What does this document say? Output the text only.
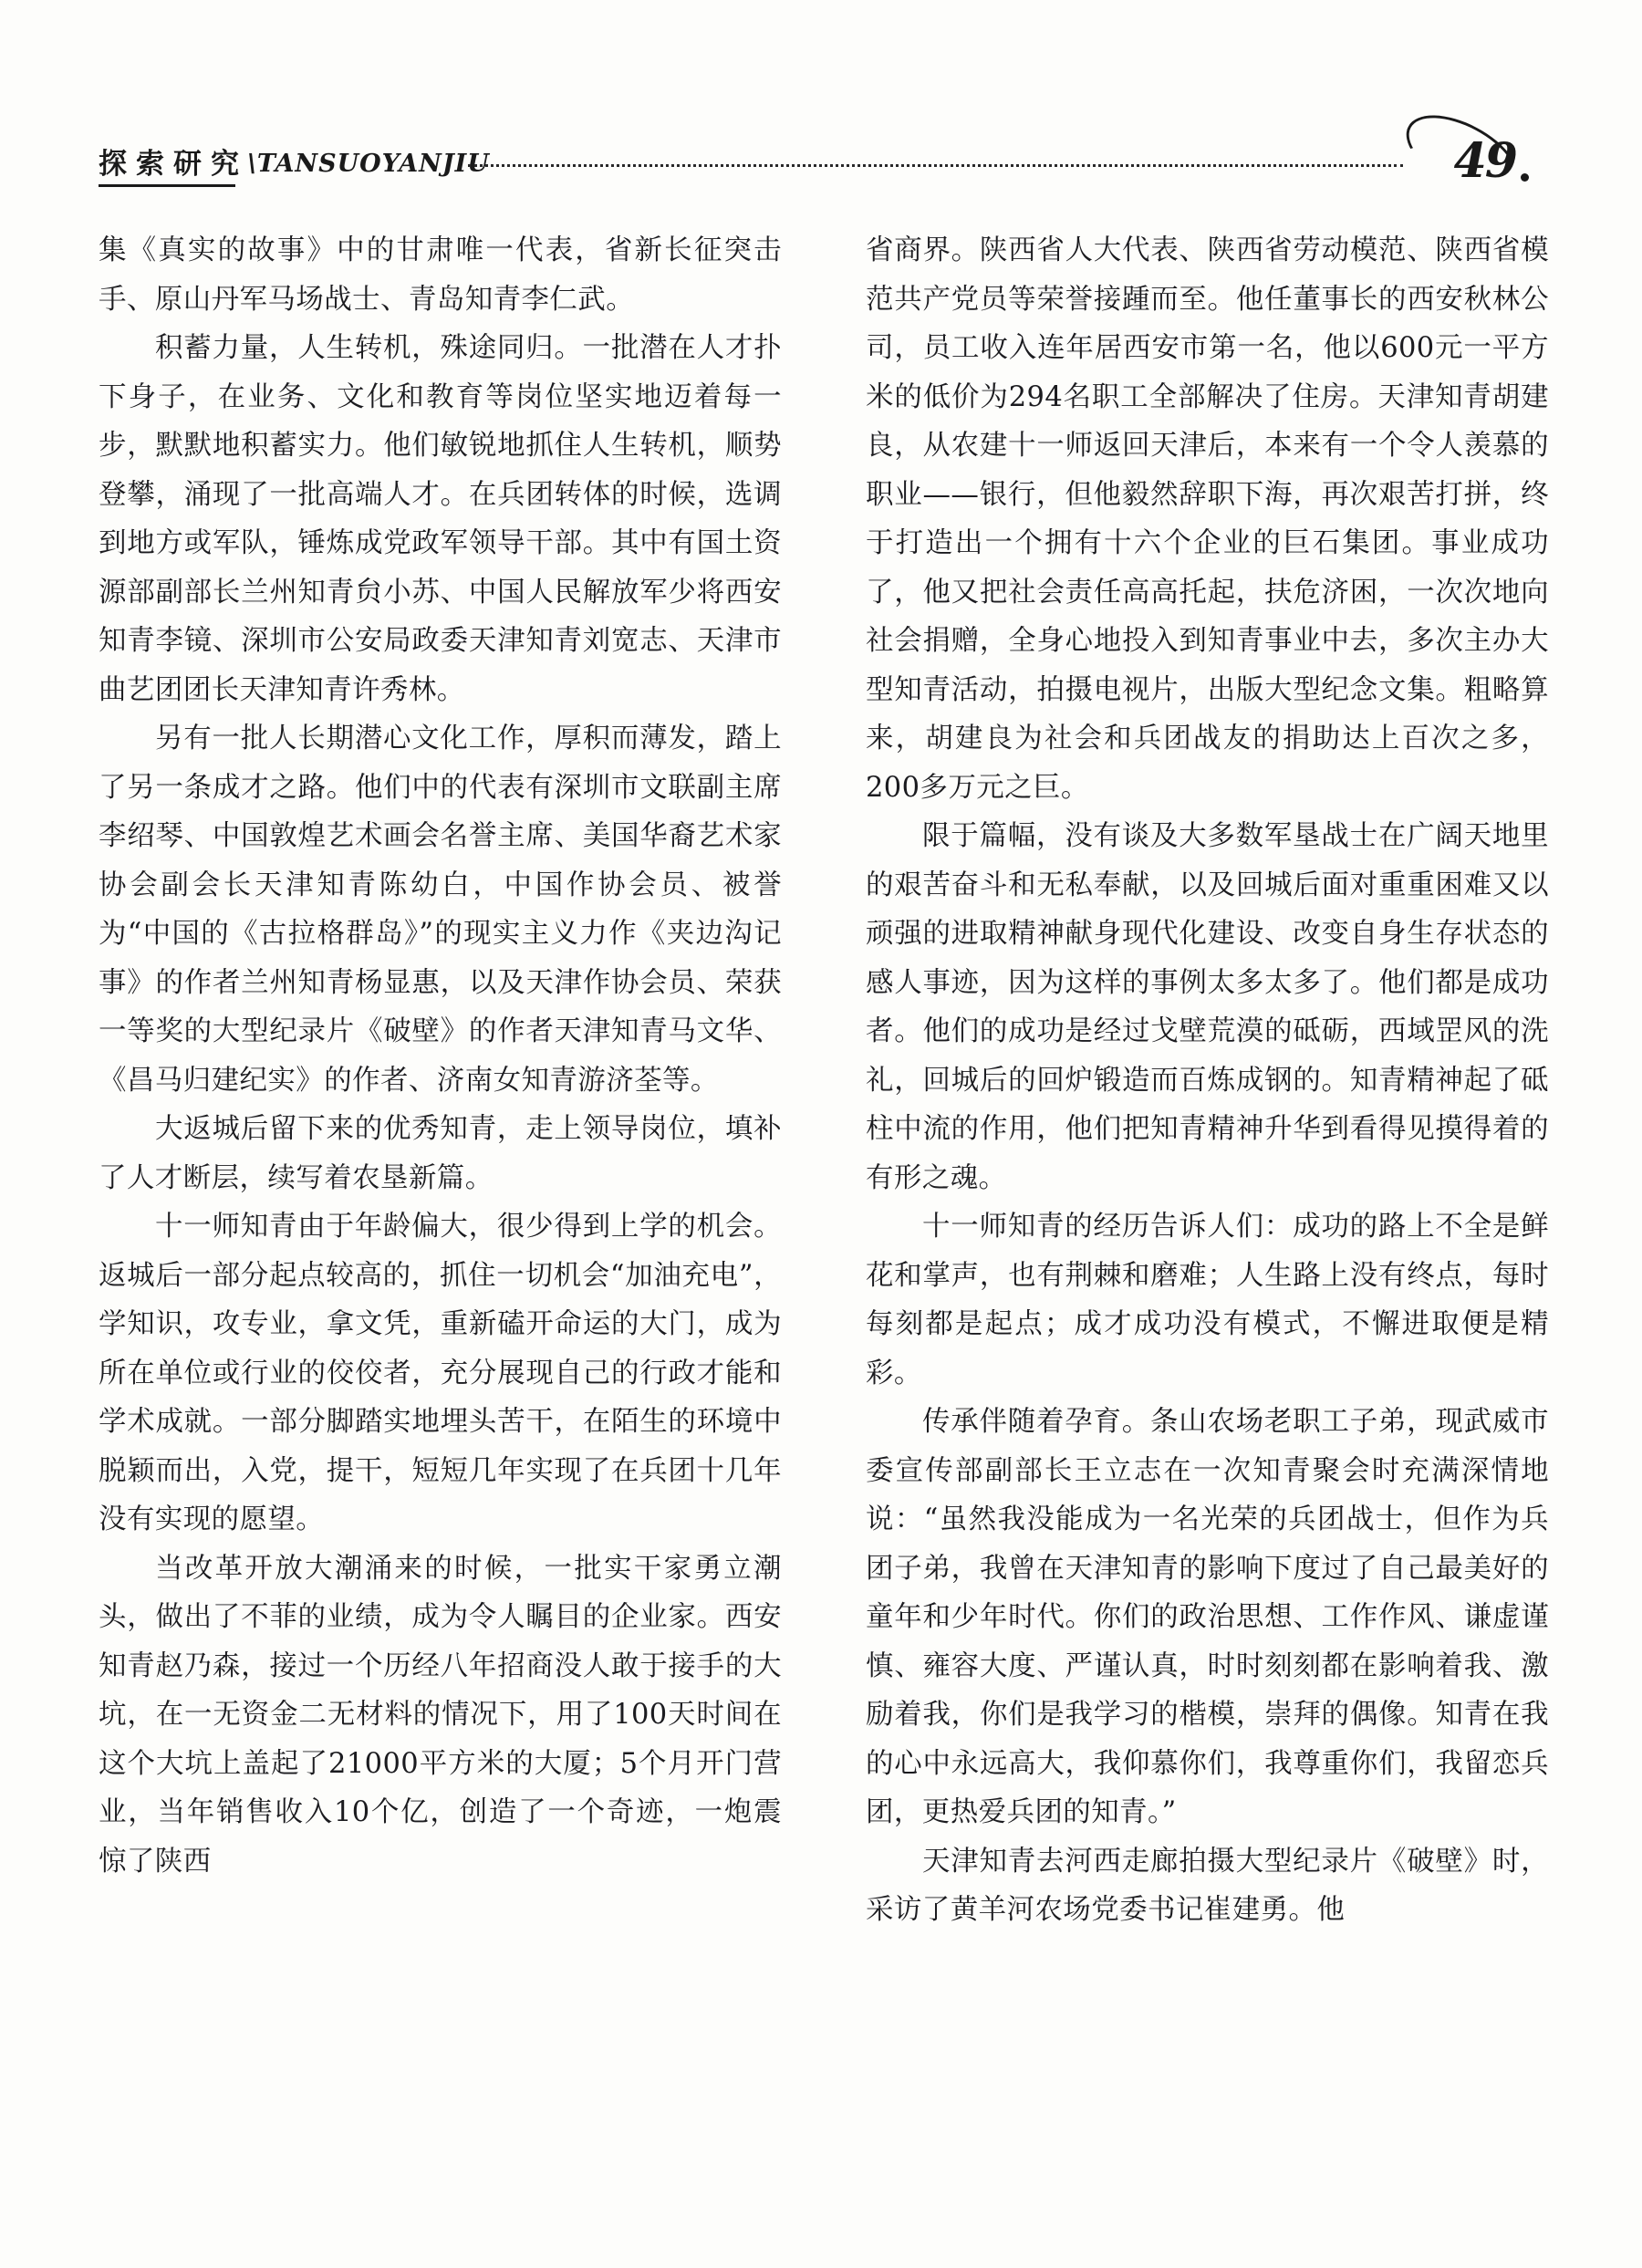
探索研究 \TANSUOYANJIU	49

集《真实的故事》中的甘肃唯一代表，省新长征突击手、原山丹军马场战士、青岛知青李仁武。

积蓄力量，人生转机，殊途同归。一批潜在人才扑下身子，在业务、文化和教育等岗位坚实地迈着每一步，默默地积蓄实力。他们敏锐地抓住人生转机，顺势登攀，涌现了一批高端人才。在兵团转体的时候，选调到地方或军队，锤炼成党政军领导干部。其中有国土资源部副部长兰州知青贠小苏、中国人民解放军少将西安知青李镜、深圳市公安局政委天津知青刘宽志、天津市曲艺团团长天津知青许秀林。

另有一批人长期潜心文化工作，厚积而薄发，踏上了另一条成才之路。他们中的代表有深圳市文联副主席李绍琴、中国敦煌艺术画会名誉主席、美国华裔艺术家协会副会长天津知青陈幼白，中国作协会员、被誉为“中国的《古拉格群岛》”的现实主义力作《夹边沟记事》的作者兰州知青杨显惠，以及天津作协会员、荣获一等奖的大型纪录片《破壁》的作者天津知青马文华、《昌马归建纪实》的作者、济南女知青游济荃等。

大返城后留下来的优秀知青，走上领导岗位，填补了人才断层，续写着农垦新篇。

十一师知青由于年龄偏大，很少得到上学的机会。返城后一部分起点较高的，抓住一切机会“加油充电”，学知识，攻专业，拿文凭，重新磕开命运的大门，成为所在单位或行业的佼佼者，充分展现自己的行政才能和学术成就。一部分脚踏实地埋头苦干，在陌生的环境中脱颖而出，入党，提干，短短几年实现了在兵团十几年没有实现的愿望。

当改革开放大潮涌来的时候，一批实干家勇立潮头，做出了不菲的业绩，成为令人瞩目的企业家。西安知青赵乃森，接过一个历经八年招商没人敢于接手的大坑，在一无资金二无材料的情况下，用了100天时间在这个大坑上盖起了21000平方米的大厦；5个月开门营业，当年销售收入10个亿，创造了一个奇迹，一炮震惊了陕西

省商界。陕西省人大代表、陕西省劳动模范、陕西省模范共产党员等荣誉接踵而至。他任董事长的西安秋林公司，员工收入连年居西安市第一名，他以600元一平方米的低价为294名职工全部解决了住房。天津知青胡建良，从农建十一师返回天津后，本来有一个令人羡慕的职业——银行，但他毅然辞职下海，再次艰苦打拼，终于打造出一个拥有十六个企业的巨石集团。事业成功了，他又把社会责任高高托起，扶危济困，一次次地向社会捐赠，全身心地投入到知青事业中去，多次主办大型知青活动，拍摄电视片，出版大型纪念文集。粗略算来，胡建良为社会和兵团战友的捐助达上百次之多，200多万元之巨。

限于篇幅，没有谈及大多数军垦战士在广阔天地里的艰苦奋斗和无私奉献，以及回城后面对重重困难又以顽强的进取精神献身现代化建设、改变自身生存状态的感人事迹，因为这样的事例太多太多了。他们都是成功者。他们的成功是经过戈壁荒漠的砥砺，西域罡风的洗礼，回城后的回炉锻造而百炼成钢的。知青精神起了砥柱中流的作用，他们把知青精神升华到看得见摸得着的有形之魂。

十一师知青的经历告诉人们：成功的路上不全是鲜花和掌声，也有荆棘和磨难；人生路上没有终点，每时每刻都是起点；成才成功没有模式，不懈进取便是精彩。

传承伴随着孕育。条山农场老职工子弟，现武威市委宣传部副部长王立志在一次知青聚会时充满深情地说：“虽然我没能成为一名光荣的兵团战士，但作为兵团子弟，我曾在天津知青的影响下度过了自己最美好的童年和少年时代。你们的政治思想、工作作风、谦虚谨慎、雍容大度、严谨认真，时时刻刻都在影响着我、激励着我，你们是我学习的楷模，崇拜的偶像。知青在我的心中永远高大，我仰慕你们，我尊重你们，我留恋兵团，更热爱兵团的知青。”

天津知青去河西走廊拍摄大型纪录片《破壁》时，采访了黄羊河农场党委书记崔建勇。他
